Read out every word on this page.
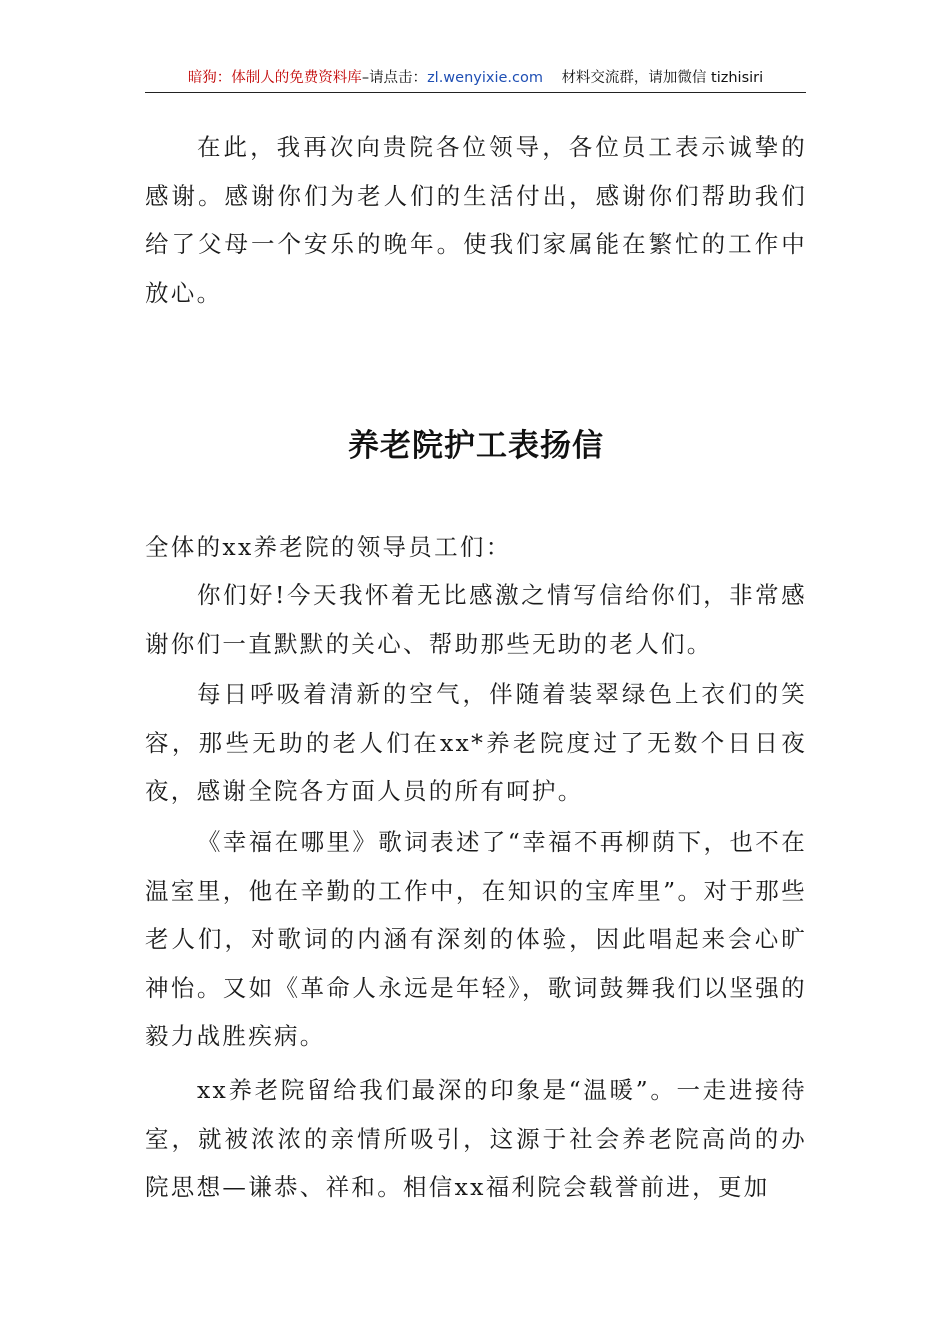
暗狗：体制人的免费资料库–请点击：zl.wenyixie.com 材料交流群，请加微信 tizhisiri

在此，我再次向贵院各位领导，各位员工表示诚挚的感谢。感谢你们为老人们的生活付出，感谢你们帮助我们给了父母一个安乐的晚年。使我们家属能在繁忙的工作中放心。

养老院护工表扬信

全体的xx养老院的领导员工们：

你们好!今天我怀着无比感激之情写信给你们，非常感谢你们一直默默的关心、帮助那些无助的老人们。

每日呼吸着清新的空气，伴随着装翠绿色上衣们的笑容，那些无助的老人们在xx*养老院度过了无数个日日夜夜，感谢全院各方面人员的所有呵护。

《幸福在哪里》歌词表述了“幸福不再柳荫下，也不在温室里，他在辛勤的工作中，在知识的宝库里”。对于那些老人们，对歌词的内涵有深刻的体验，因此唱起来会心旷神怡。又如《革命人永远是年轻》，歌词鼓舞我们以坚强的毅力战胜疾病。

xx养老院留给我们最深的印象是“温暖”。一走进接待室，就被浓浓的亲情所吸引，这源于社会养老院高尚的办院思想—谦恭、祥和。相信xx福利院会载誉前进，更加
